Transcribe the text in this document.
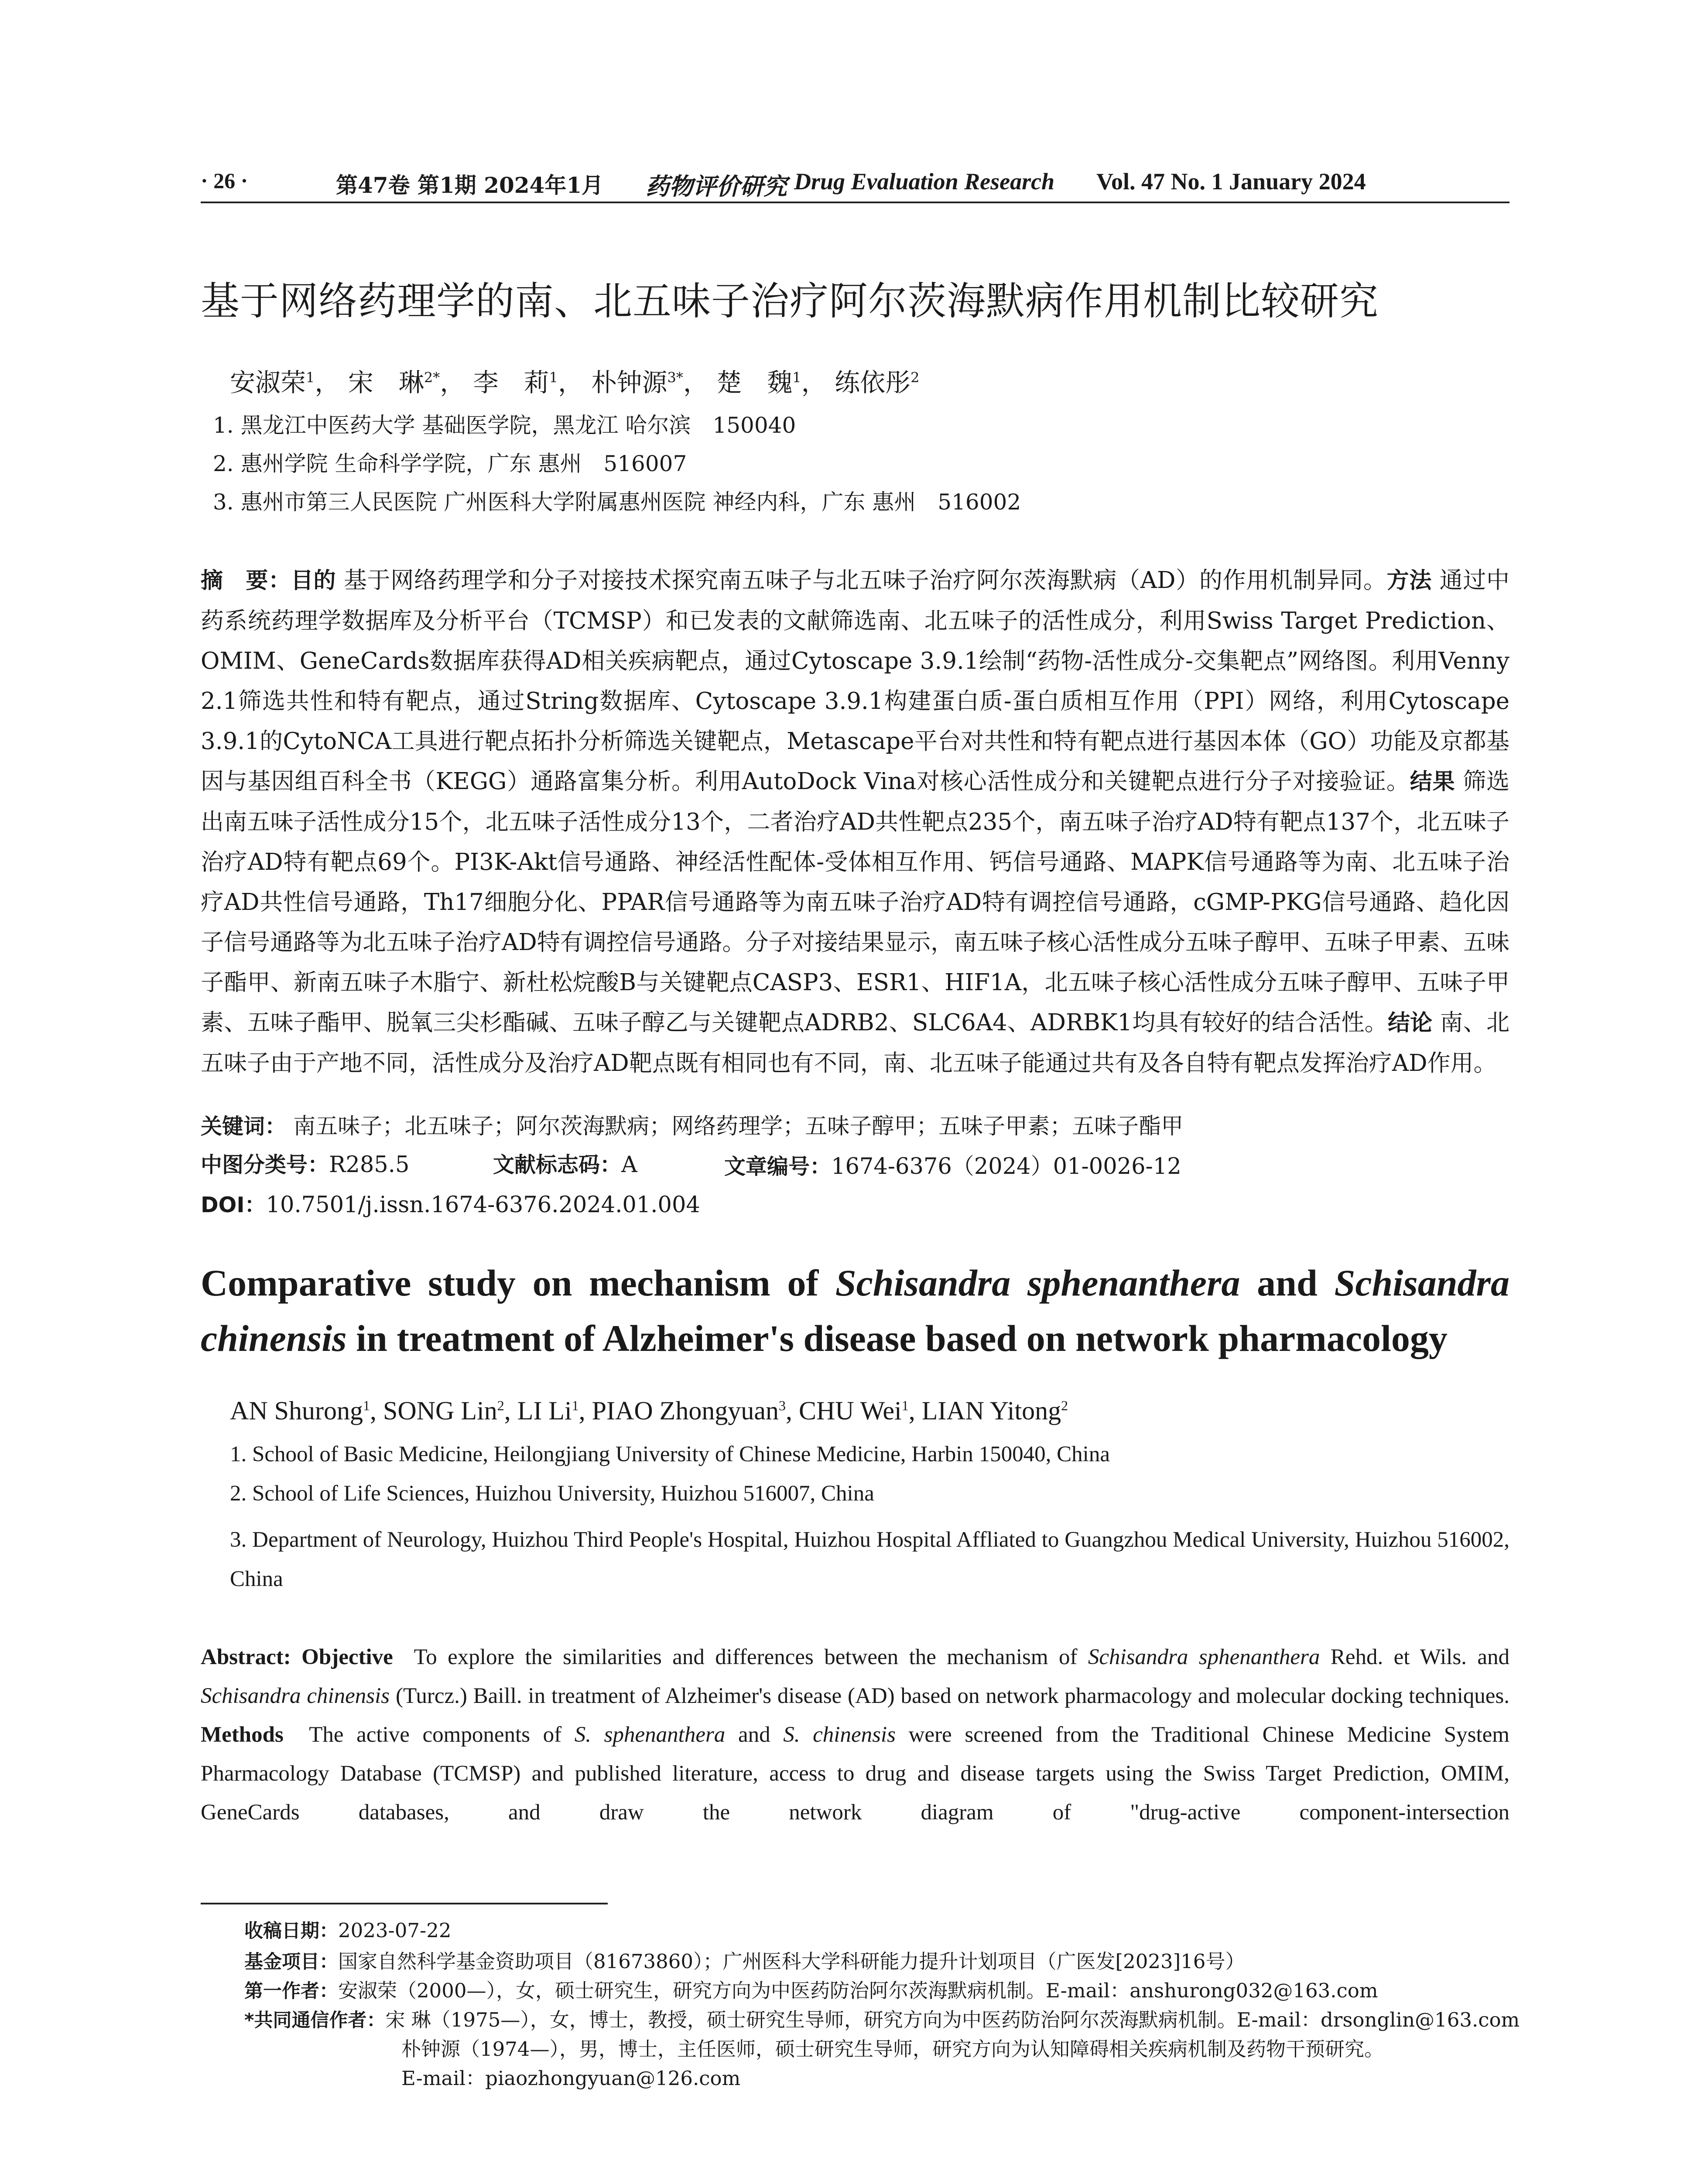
· 26 ·	第47卷 第1期 2024年1月 药物评价研究 Drug Evaluation Research Vol. 47 No. 1 January 2024
基于网络药理学的南、北五味子治疗阿尔茨海默病作用机制比较研究
安淑荣$^1$， 宋　琳$^{2*}$， 李　莉$^1$， 朴钟源$^{3*}$， 楚　魏$^1$， 练依彤$^2$
1. 黑龙江中医药大学 基础医学院，黑龙江 哈尔滨　150040
2. 惠州学院 生命科学学院，广东 惠州　516007
3. 惠州市第三人民医院 广州医科大学附属惠州医院 神经内科，广东 惠州　516002
摘　要：目的 基于网络药理学和分子对接技术探究南五味子与北五味子治疗阿尔茨海默病（AD）的作用机制异同。方法 通过中药系统药理学数据库及分析平台（TCMSP）和已发表的文献筛选南、北五味子的活性成分，利用Swiss Target Prediction、OMIM、GeneCards数据库获得AD相关疾病靶点，通过Cytoscape 3.9.1绘制“药物-活性成分-交集靶点”网络图。利用Venny 2.1筛选共性和特有靶点，通过String数据库、Cytoscape 3.9.1构建蛋白质-蛋白质相互作用（PPI）网络，利用Cytoscape 3.9.1的CytoNCA工具进行靶点拓扑分析筛选关键靶点，Metascape平台对共性和特有靶点进行基因本体（GO）功能及京都基因与基因组百科全书（KEGG）通路富集分析。利用AutoDock Vina对核心活性成分和关键靶点进行分子对接验证。结果 筛选出南五味子活性成分15个，北五味子活性成分13个，二者治疗AD共性靶点235个，南五味子治疗AD特有靶点137个，北五味子治疗AD特有靶点69个。PI3K-Akt信号通路、神经活性配体-受体相互作用、钙信号通路、MAPK信号通路等为南、北五味子治疗AD共性信号通路，Th17细胞分化、PPAR信号通路等为南五味子治疗AD特有调控信号通路，cGMP-PKG信号通路、趋化因子信号通路等为北五味子治疗AD特有调控信号通路。分子对接结果显示，南五味子核心活性成分五味子醇甲、五味子甲素、五味子酯甲、新南五味子木脂宁、新杜松烷酸B与关键靶点CASP3、ESR1、HIF1A，北五味子核心活性成分五味子醇甲、五味子甲素、五味子酯甲、脱氧三尖杉酯碱、五味子醇乙与关键靶点ADRB2、SLC6A4、ADRBK1均具有较好的结合活性。结论 南、北五味子由于产地不同，活性成分及治疗AD靶点既有相同也有不同，南、北五味子能通过共有及各自特有靶点发挥治疗AD作用。
关键词： 南五味子；北五味子；阿尔茨海默病；网络药理学；五味子醇甲；五味子甲素；五味子酯甲
中图分类号：R285.5	文献标志码：A	文章编号：1674-6376（2024）01-0026-12
DOI：10.7501/j.issn.1674-6376.2024.01.004
Comparative study on mechanism of Schisandra sphenanthera and Schisandra chinensis in treatment of Alzheimer's disease based on network pharmacology
AN Shurong$^1$, SONG Lin$^2$, LI Li$^1$, PIAO Zhongyuan$^3$, CHU Wei$^1$, LIAN Yitong$^2$
1. School of Basic Medicine, Heilongjiang University of Chinese Medicine, Harbin 150040, China
2. School of Life Sciences, Huizhou University, Huizhou 516007, China
3. Department of Neurology, Huizhou Third People's Hospital, Huizhou Hospital Affliated to Guangzhou Medical University, Huizhou 516002, China
Abstract: Objective To explore the similarities and differences between the mechanism of Schisandra sphenanthera Rehd. et Wils. and Schisandra chinensis (Turcz.) Baill. in treatment of Alzheimer's disease (AD) based on network pharmacology and molecular docking techniques. Methods The active components of S. sphenanthera and S. chinensis were screened from the Traditional Chinese Medicine System Pharmacology Database (TCMSP) and published literature, access to drug and disease targets using the Swiss Target Prediction, OMIM, GeneCards databases, and draw the network diagram of "drug-active component-intersection
收稿日期：2023-07-22
基金项目：国家自然科学基金资助项目（81673860）；广州医科大学科研能力提升计划项目（广医发[2023]16号）
第一作者：安淑荣（2000—），女，硕士研究生，研究方向为中医药防治阿尔茨海默病机制。E-mail：anshurong032@163.com
*共同通信作者：宋 琳（1975—），女，博士，教授，硕士研究生导师，研究方向为中医药防治阿尔茨海默病机制。E-mail：drsonglin@163.com
朴钟源（1974—），男，博士，主任医师，硕士研究生导师，研究方向为认知障碍相关疾病机制及药物干预研究。
E-mail：piaozhongyuan@126.com
